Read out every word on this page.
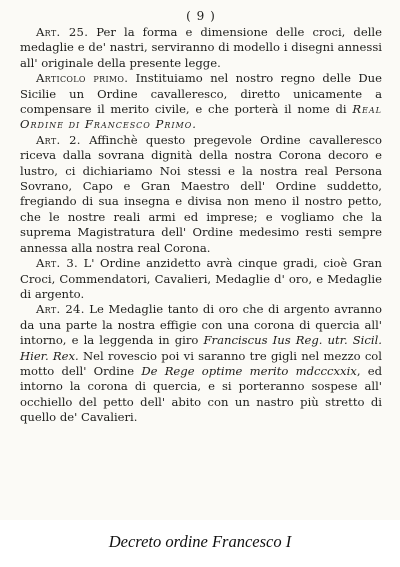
( 9 )

Art. 25. Per la forma e dimensione delle croci, delle medaglie e de' nastri, serviranno di modello i disegni annessi all' originale della presente legge.

Articolo primo. Instituiamo nel nostro regno delle Due Sicilie un Ordine cavalleresco, diretto unicamente a compensare il merito civile, e che porterà il nome di Real Ordine di Francesco Primo.

Art. 2. Affinchè questo pregevole Ordine cavalleresco riceva dalla sovrana dignità della nostra Corona decoro e lustro, ci dichiariamo Noi stessi e la nostra real Persona Sovrano, Capo e Gran Maestro dell' Ordine suddetto, fregiando di sua insegna e divisa non meno il nostro petto, che le nostre reali armi ed imprese; e vogliamo che la suprema Magistratura dell' Ordine medesimo resti sempre annessa alla nostra real Corona.

Art. 3. L' Ordine anzidetto avrà cinque gradi, cioè Gran Croci, Commendatori, Cavalieri, Medaglie d' oro, e Medaglie di argento.

Art. 24. Le Medaglie tanto di oro che di argento avranno da una parte la nostra effigie con una corona di quercia all' intorno, e la leggenda in giro Franciscus Ius Reg. utr. Sicil. Hier. Rex. Nel rovescio poi vi saranno tre gigli nel mezzo col motto dell' Ordine De Rege optime merito mdcccxxix, ed intorno la corona di quercia, e si porteranno sospese all' occhiello del petto dell' abito con un nastro più stretto di quello de' Cavalieri.

Decreto ordine Francesco I
